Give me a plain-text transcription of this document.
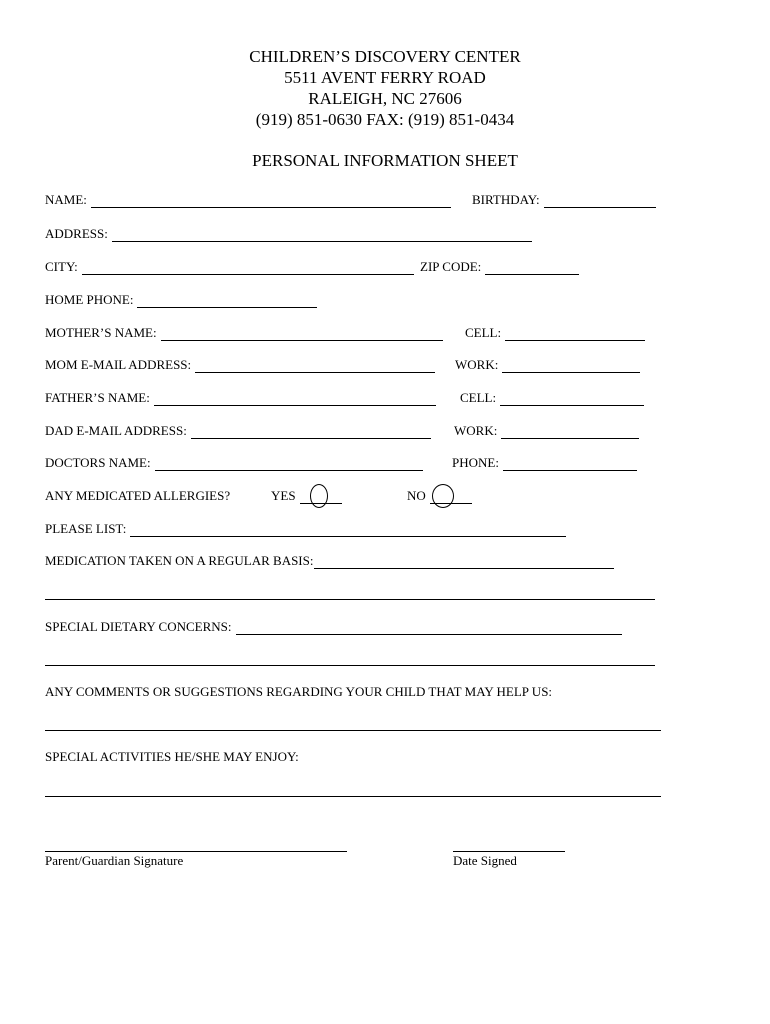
CHILDREN’S DISCOVERY CENTER
5511 AVENT FERRY ROAD
RALEIGH, NC 27606
(919) 851-0630 FAX: (919) 851-0434
PERSONAL INFORMATION SHEET
NAME:	BIRTHDAY:
ADDRESS:
CITY:	ZIP CODE:
HOME PHONE:
MOTHER’S NAME:	CELL:
MOM E-MAIL ADDRESS:	WORK:
FATHER’S NAME:	CELL:
DAD E-MAIL ADDRESS:	WORK:
DOCTORS NAME:	PHONE:
ANY MEDICATED ALLERGIES?	YES	NO
PLEASE LIST:
MEDICATION TAKEN ON A REGULAR BASIS:
SPECIAL DIETARY CONCERNS:
ANY COMMENTS OR SUGGESTIONS REGARDING YOUR CHILD THAT MAY HELP US:
SPECIAL ACTIVITIES HE/SHE MAY ENJOY:
Parent/Guardian Signature	Date Signed
